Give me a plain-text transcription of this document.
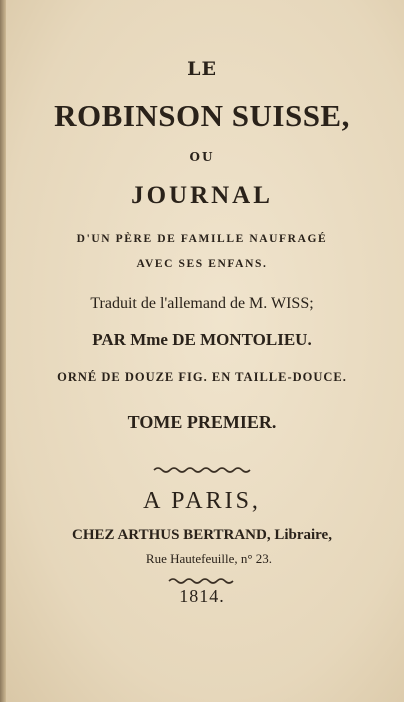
LE
ROBINSON SUISSE,
OU
JOURNAL
D'UN PÈRE DE FAMILLE NAUFRAGÉ
AVEC SES ENFANS.
Traduit de l'allemand de M. WISS;
PAR Mme DE MONTOLIEU.
ORNÉ DE DOUZE FIG. EN TAILLE-DOUCE.
TOME PREMIER.
A PARIS,
CHEZ ARTHUS BERTRAND, Libraire,
Rue Hautefeuille, n° 23.
1814.
